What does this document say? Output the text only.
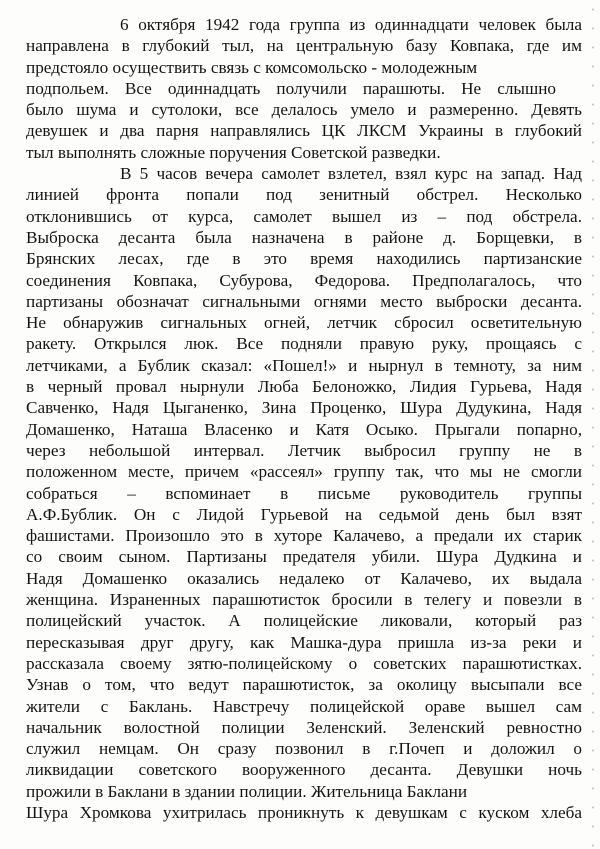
6 октября 1942 года группа из одиннадцати человек была
направлена в глубокий тыл, на центральную базу Ковпака, где им
предстояло осуществить связь с комсомольско - молодежным
подпольем. Все одиннадцать получили парашюты. Не слышно
было шума и сутолоки, все делалось умело и размеренно. Девять
девушек и два парня направлялись ЦК ЛКСМ Украины в глубокий
тыл выполнять сложные поручения Советской разведки.
В 5 часов вечера самолет взлетел, взял курс на запад. Над
линией фронта попали под зенитный обстрел. Несколько
отклонившись от курса, самолет вышел из – под обстрела.
Выброска десанта была назначена в районе д. Борщевки, в
Брянских лесах, где в это время находились партизанские
соединения Ковпака, Субурова, Федорова. Предполагалось, что
партизаны обозначат сигнальными огнями место выброски десанта.
Не обнаружив сигнальных огней, летчик сбросил осветительную
ракету. Открылся люк. Все подняли правую руку, прощаясь с
летчиками, а Бублик сказал: «Пошел!» и нырнул в темноту, за ним
в черный провал нырнули Люба Белоножко, Лидия Гурьева, Надя
Савченко, Надя Цыганенко, Зина Проценко, Шура Дудукина, Надя
Домашенко, Наташа Власенко и Катя Осыко. Прыгали попарно,
через небольшой интервал. Летчик выбросил группу не в
положенном месте, причем «рассеял» группу так, что мы не смогли
собраться – вспоминает в письме руководитель группы
А.Ф.Бублик. Он с Лидой Гурьевой на седьмой день был взят
фашистами. Произошло это в хуторе Калачево, а предали их старик
со своим сыном. Партизаны предателя убили. Шура Дудкина и
Надя Домашенко оказались недалеко от Калачево, их выдала
женщина. Израненных парашютисток бросили в телегу и повезли в
полицейский участок. А полицейские ликовали, который раз
пересказывая друг другу, как Машка-дура пришла из-за реки и
рассказала своему зятю-полицейскому о советских парашютистках.
Узнав о том, что ведут парашютисток, за околицу высыпали все
жители с Баклань. Навстречу полицейской ораве вышел сам
начальник волостной полиции Зеленский. Зеленский ревностно
служил немцам. Он сразу позвонил в г.Почеп и доложил о
ликвидации советского вооруженного десанта. Девушки ночь
прожили в Баклани в здании полиции. Жительница Баклани
Шура Хромкова ухитрилась проникнуть к девушкам с куском хлеба
